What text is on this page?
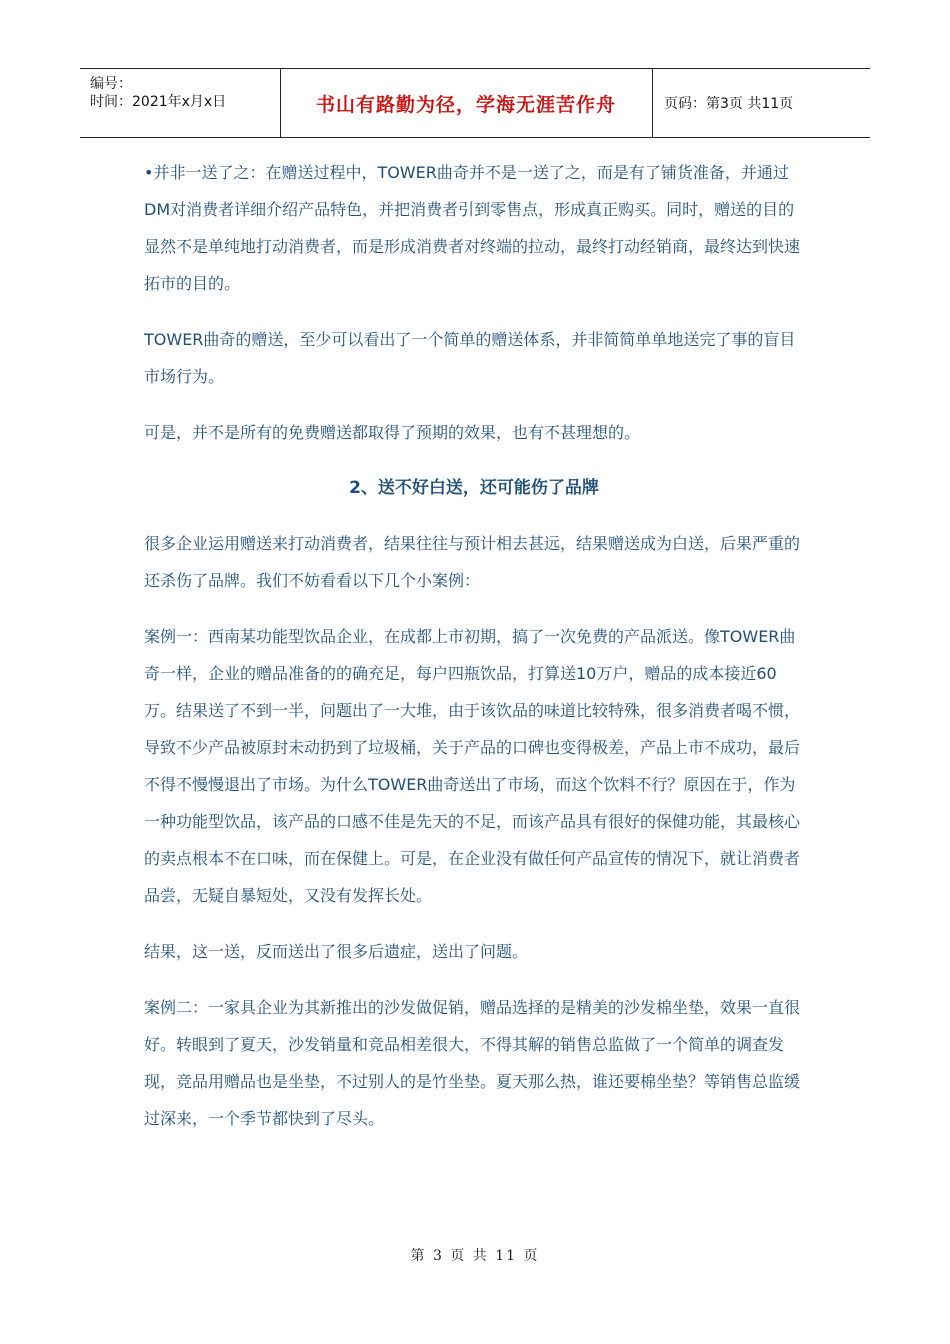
编号：
时间：2021年x月x日	书山有路勤为径，学海无涯苦作舟	页码：第3页 共11页

•并非一送了之：在赠送过程中，TOWER曲奇并不是一送了之，而是有了铺货准备，并通过DM对消费者详细介绍产品特色，并把消费者引到零售点，形成真正购买。同时，赠送的目的显然不是单纯地打动消费者，而是形成消费者对终端的拉动，最终打动经销商，最终达到快速拓市的目的。

TOWER曲奇的赠送，至少可以看出了一个简单的赠送体系，并非简简单单地送完了事的盲目市场行为。

可是，并不是所有的免费赠送都取得了预期的效果，也有不甚理想的。

2、送不好白送，还可能伤了品牌

很多企业运用赠送来打动消费者，结果往往与预计相去甚远，结果赠送成为白送，后果严重的还杀伤了品牌。我们不妨看看以下几个小案例：

案例一：西南某功能型饮品企业，在成都上市初期，搞了一次免费的产品派送。像TOWER曲奇一样，企业的赠品准备的的确充足，每户四瓶饮品，打算送10万户，赠品的成本接近60万。结果送了不到一半，问题出了一大堆，由于该饮品的味道比较特殊，很多消费者喝不惯，导致不少产品被原封未动扔到了垃圾桶，关于产品的口碑也变得极差，产品上市不成功，最后不得不慢慢退出了市场。为什么TOWER曲奇送出了市场，而这个饮料不行？原因在于，作为一种功能型饮品，该产品的口感不佳是先天的不足，而该产品具有很好的保健功能，其最核心的卖点根本不在口味，而在保健上。可是，在企业没有做任何产品宣传的情况下，就让消费者品尝，无疑自暴短处，又没有发挥长处。

结果，这一送，反而送出了很多后遗症，送出了问题。

案例二：一家具企业为其新推出的沙发做促销，赠品选择的是精美的沙发棉坐垫，效果一直很好。转眼到了夏天，沙发销量和竞品相差很大，不得其解的销售总监做了一个简单的调查发现，竞品用赠品也是坐垫，不过别人的是竹坐垫。夏天那么热，谁还要棉坐垫？等销售总监缓过深来，一个季节都快到了尽头。

第 3 页 共 11 页
